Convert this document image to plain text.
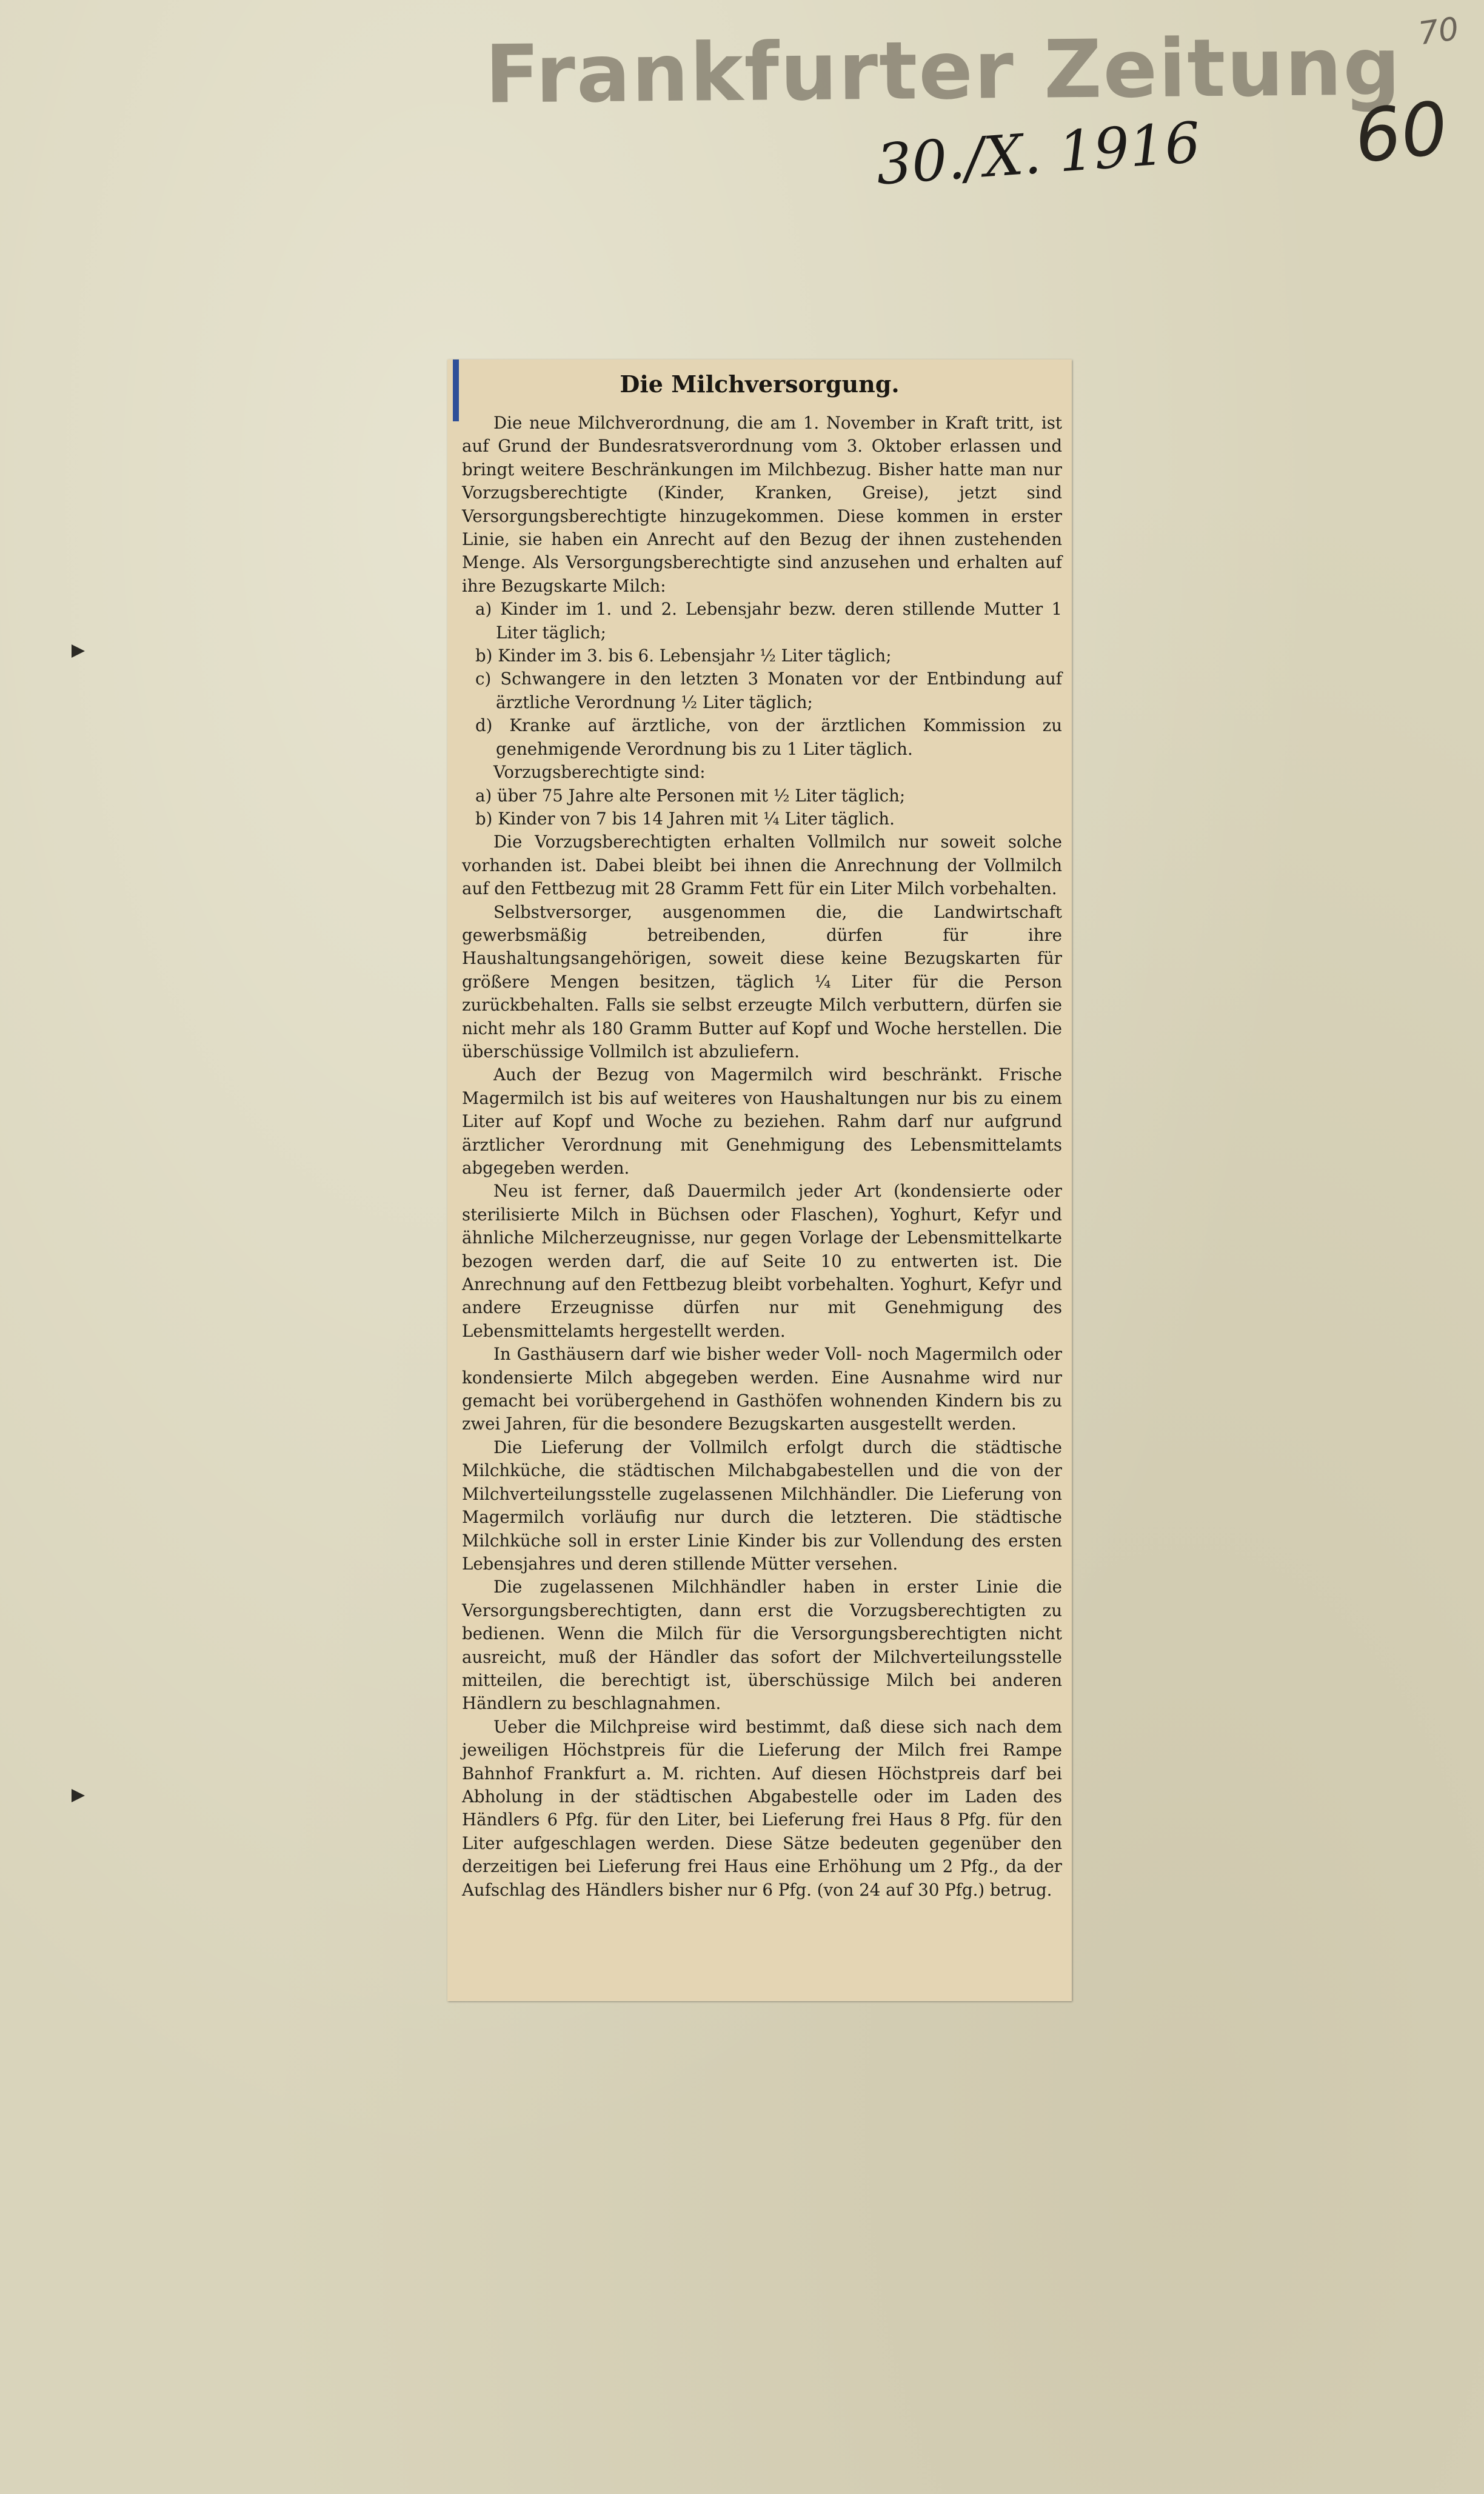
Frankfurter Zeitung
30./X. 1916 60
70
Die Milchversorgung.

Die neue Milchverordnung, die am 1. November in Kraft tritt, ist auf Grund der Bundesratsverordnung vom 3. Oktober erlassen und bringt weitere Beschränkungen im Milchbezug. Bisher hatte man nur Vorzugsberechtigte (Kinder, Kranken, Greise), jetzt sind Versorgungsberechtigte hinzugekommen. Diese kommen in erster Linie, sie haben ein Anrecht auf den Bezug der ihnen zustehenden Menge. Als Versorgungsberechtigte sind anzusehen und erhalten auf ihre Bezugskarte Milch:

a) Kinder im 1. und 2. Lebensjahr bezw. deren stillende Mutter 1 Liter täglich;

b) Kinder im 3. bis 6. Lebensjahr ½ Liter täglich;

c) Schwangere in den letzten 3 Monaten vor der Entbindung auf ärztliche Verordnung ½ Liter täglich;

d) Kranke auf ärztliche, von der ärztlichen Kommission zu genehmigende Verordnung bis zu 1 Liter täglich.

Vorzugsberechtigte sind:

a) über 75 Jahre alte Personen mit ½ Liter täglich;

b) Kinder von 7 bis 14 Jahren mit ¼ Liter täglich.

Die Vorzugsberechtigten erhalten Vollmilch nur soweit solche vorhanden ist. Dabei bleibt bei ihnen die Anrechnung der Vollmilch auf den Fettbezug mit 28 Gramm Fett für ein Liter Milch vorbehalten.

Selbstversorger, ausgenommen die, die Landwirtschaft gewerbsmäßig betreibenden, dürfen für ihre Haushaltungsangehörigen, soweit diese keine Bezugskarten für größere Mengen besitzen, täglich ¼ Liter für die Person zurückbehalten. Falls sie selbst erzeugte Milch verbuttern, dürfen sie nicht mehr als 180 Gramm Butter auf Kopf und Woche herstellen. Die überschüssige Vollmilch ist abzuliefern.

Auch der Bezug von Magermilch wird beschränkt. Frische Magermilch ist bis auf weiteres von Haushaltungen nur bis zu einem Liter auf Kopf und Woche zu beziehen. Rahm darf nur aufgrund ärztlicher Verordnung mit Genehmigung des Lebensmittelamts abgegeben werden.

Neu ist ferner, daß Dauermilch jeder Art (kondensierte oder sterilisierte Milch in Büchsen oder Flaschen), Yoghurt, Kefyr und ähnliche Milcherzeugnisse, nur gegen Vorlage der Lebensmittelkarte bezogen werden darf, die auf Seite 10 zu entwerten ist. Die Anrechnung auf den Fettbezug bleibt vorbehalten. Yoghurt, Kefyr und andere Erzeugnisse dürfen nur mit Genehmigung des Lebensmittelamts hergestellt werden.

In Gasthäusern darf wie bisher weder Voll- noch Magermilch oder kondensierte Milch abgegeben werden. Eine Ausnahme wird nur gemacht bei vorübergehend in Gasthöfen wohnenden Kindern bis zu zwei Jahren, für die besondere Bezugskarten ausgestellt werden.

Die Lieferung der Vollmilch erfolgt durch die städtische Milchküche, die städtischen Milchabgabestellen und die von der Milchverteilungsstelle zugelassenen Milchhändler. Die Lieferung von Magermilch vorläufig nur durch die letzteren. Die städtische Milchküche soll in erster Linie Kinder bis zur Vollendung des ersten Lebensjahres und deren stillende Mütter versehen.

Die zugelassenen Milchhändler haben in erster Linie die Versorgungsberechtigten, dann erst die Vorzugsberechtigten zu bedienen. Wenn die Milch für die Versorgungsberechtigten nicht ausreicht, muß der Händler das sofort der Milchverteilungsstelle mitteilen, die berechtigt ist, überschüssige Milch bei anderen Händlern zu beschlagnahmen.

Ueber die Milchpreise wird bestimmt, daß diese sich nach dem jeweiligen Höchstpreis für die Lieferung der Milch frei Rampe Bahnhof Frankfurt a. M. richten. Auf diesen Höchstpreis darf bei Abholung in der städtischen Abgabestelle oder im Laden des Händlers 6 Pfg. für den Liter, bei Lieferung frei Haus 8 Pfg. für den Liter aufgeschlagen werden. Diese Sätze bedeuten gegenüber den derzeitigen bei Lieferung frei Haus eine Erhöhung um 2 Pfg., da der Aufschlag des Händlers bisher nur 6 Pfg. (von 24 auf 30 Pfg.) betrug.
